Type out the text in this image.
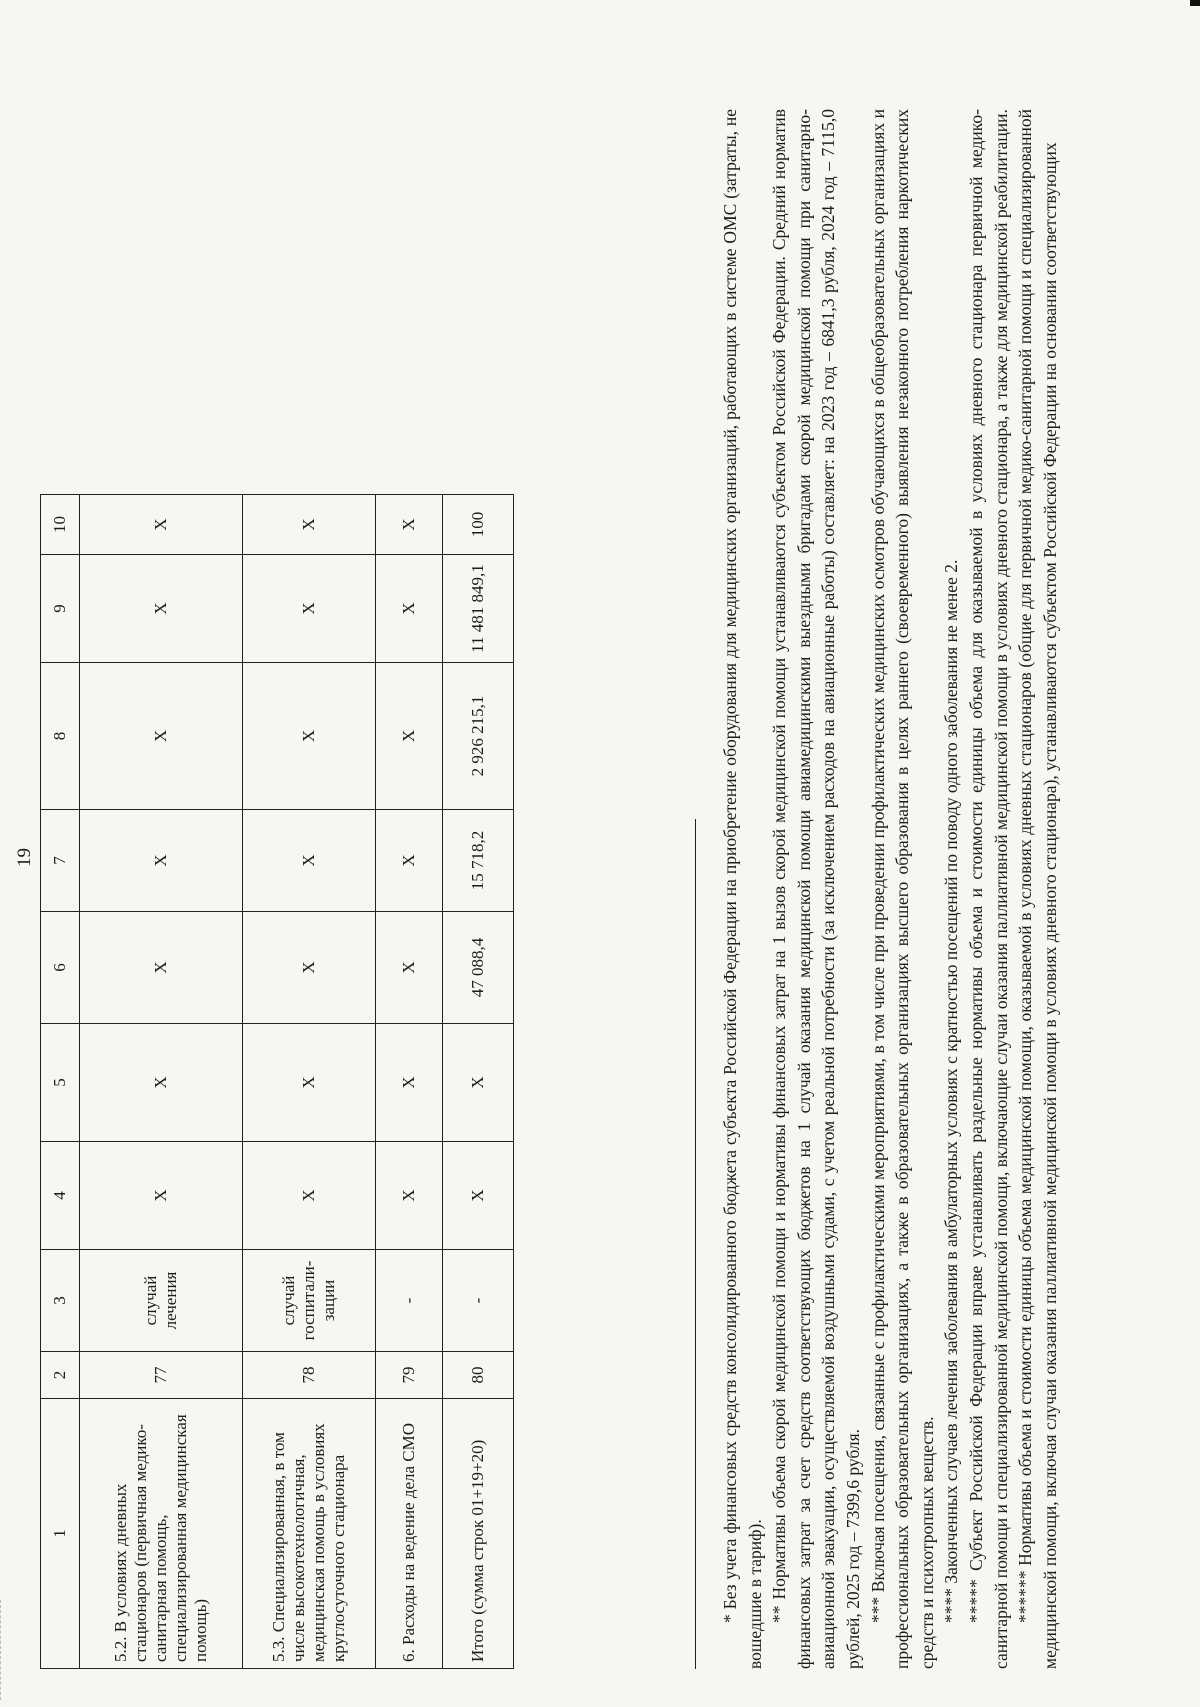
19
1	2	3	4	5	6	7	8	9	10
5.2. В условиях дневных стационаров (первичная медико-санитарная помощь, специализированная медицинская помощь)	77	случай лечения	X	X	X	X	X	X	X
5.3. Специализированная, в том числе высокотехнологичная, медицинская помощь в условиях круглосуточного стационара	78	случай госпитали-зации	X	X	X	X	X	X	X
6. Расходы на ведение дела СМО	79	-	X	X	X	X	X	X	X
Итого (сумма строк 01+19+20)	80	-	X	X	47 088,4	15 718,2	2 926 215,1	11 481 849,1	100	* Без учета финансовых средств консолидированного бюджета субъекта Российской Федерации на приобретение оборудования для медицинских организаций, работающих в системе ОМС (затраты, не вошедшие в тариф). ** Нормативы объема скорой медицинской помощи и нормативы финансовых затрат на 1 вызов скорой медицинской помощи устанавливаются субъектом Российской Федерации. Средний норматив финансовых затрат за счет средств соответствующих бюджетов на 1 случай оказания медицинской помощи авиамедицинскими выездными бригадами скорой медицинской помощи при санитарно-авиационной эвакуации, осуществляемой воздушными судами, с учетом реальной потребности (за исключением расходов на авиационные работы) составляет: на 2023 год – 6841,3 рубля, 2024 год – 7115,0 рублей, 2025 год – 7399,6 рубля. *** Включая посещения, связанные с профилактическими мероприятиями, в том числе при проведении профилактических медицинских осмотров обучающихся в общеобразовательных организациях и профессиональных образовательных организациях, а также в образовательных организациях высшего образования в целях раннего (своевременного) выявления незаконного потребления наркотических средств и психотропных веществ. **** Законченных случаев лечения заболевания в амбулаторных условиях с кратностью посещений по поводу одного заболевания не менее 2. ***** Субъект Российской Федерации вправе устанавливать раздельные нормативы объема и стоимости единицы объема для оказываемой в условиях дневного стационара первичной медико-санитарной помощи и специализированной медицинской помощи, включающие случаи оказания паллиативной медицинской помощи в условиях дневного стационара, а также для медицинской реабилитации. ****** Нормативы объема и стоимости единицы объема медицинской помощи, оказываемой в условиях дневных стационаров (общие для первичной медико-санитарной помощи и специализированной медицинской помощи, включая случаи оказания паллиативной медицинской помощи в условиях дневного стационара), устанавливаются субъектом Российской Федерации на основании соответствующих
